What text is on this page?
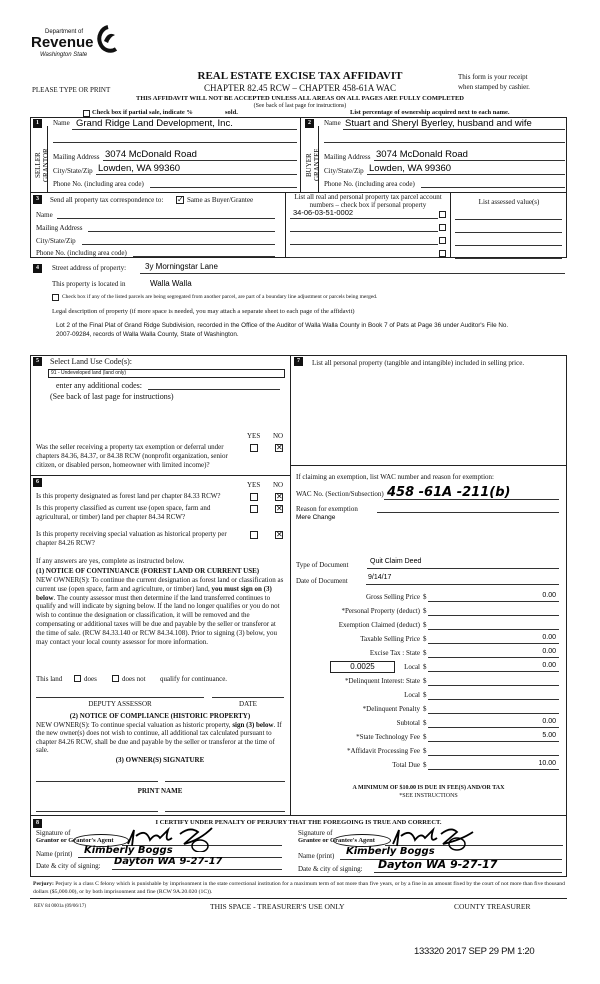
Department of
Revenue
Washington State
REAL ESTATE EXCISE TAX AFFIDAVIT
CHAPTER 82.45 RCW – CHAPTER 458-61A WAC
PLEASE TYPE OR PRINT
This form is your receipt
when stamped by cashier.
THIS AFFIDAVIT WILL NOT BE ACCEPTED UNLESS ALL AREAS ON ALL PAGES ARE FULLY COMPLETED
(See back of last page for instructions)
Check box if partial sale, indicate %	sold.	List percentage of ownership acquired next to each name.
1	2
SELLER GRANTOR	BUYER GRANTEE
Name Grand Ridge Land Development, Inc.
Mailing Address 3074 McDonald Road
City/State/Zip Lowden, WA 99360
Phone No. (including area code)
Name Stuart and Sheryl Byerley, husband and wife
Mailing Address 3074 McDonald Road
City/State/Zip Lowden, WA 99360
Phone No. (including area code)
3	Send all property tax correspondence to: ✓ Same as Buyer/Grantee
Name
Mailing Address
City/State/Zip
Phone No. (including area code)
List all real and personal property tax parcel account numbers – check box if personal property
34-06-03-51-0002
List assessed value(s)
4	Street address of property: 3y Morningstar Lane
This property is located in	Walla Walla
Check box if any of the listed parcels are being segregated from another parcel, are part of a boundary line adjustment or parcels being merged.
Legal description of property (if more space is needed, you may attach a separate sheet to each page of the affidavit)
Lot 2 of the Final Plat of Grand Ridge Subdivision, recorded in the Office of the Auditor of Walla Walla County in Book 7 of Pats at Page 36 under Auditor's File No. 2007-09284, records of Walla Walla County, State of Washington.
5	Select Land Use Code(s):
91 - Undeveloped land (land only)
enter any additional codes:
(See back of last page for instructions)
YES NO
Was the seller receiving a property tax exemption or deferral under chapters 84.36, 84.37, or 84.38 RCW (nonprofit organization, senior citizen, or disabled person, homeowner with limited income)?
✕
6	YES NO
Is this property designated as forest land per chapter 84.33 RCW?	✕
Is this property classified as current use (open space, farm and agricultural, or timber) land per chapter 84.34 RCW?
✕
Is this property receiving special valuation as historical property per chapter 84.26 RCW?
✕
If any answers are yes, complete as instructed below.
(1) NOTICE OF CONTINUANCE (FOREST LAND OR CURRENT USE)
NEW OWNER(S): To continue the current designation as forest land or classification as current use (open space, farm and agriculture, or timber) land, you must sign on (3) below. The county assessor must then determine if the land transferred continues to qualify and will indicate by signing below. If the land no longer qualifies or you do not wish to continue the designation or classification, it will be removed and the compensating or additional taxes will be due and payable by the seller or transferor at the time of sale. (RCW 84.33.140 or RCW 84.34.108). Prior to signing (3) below, you may contact your local county assessor for more information.
This land	does	does not qualify for continuance.
DEPUTY ASSESSOR	DATE
(2) NOTICE OF COMPLIANCE (HISTORIC PROPERTY)
NEW OWNER(S): To continue special valuation as historic property, sign (3) below. If the new owner(s) does not wish to continue, all additional tax calculated pursuant to chapter 84.26 RCW, shall be due and payable by the seller or transferor at the time of sale.
(3) OWNER(S) SIGNATURE
PRINT NAME
7	List all personal property (tangible and intangible) included in selling price.
If claiming an exemption, list WAC number and reason for exemption:
WAC No. (Section/Subsection) 458 -61A -211(b)
Reason for exemption
Mere Change
Type of Document	Quit Claim Deed
Date of Document	9/14/17
0.0025
Gross Selling Price $	0.00
*Personal Property (deduct) $
Exemption Claimed (deduct) $
Taxable Selling Price $	0.00
Excise Tax : State $	0.00
Local $	0.00
*Delinquent Interest: State $
Local $
*Delinquent Penalty $
Subtotal $	0.00
*State Technology Fee $	5.00
*Affidavit Processing Fee $
Total Due $	10.00
A MINIMUM OF $10.00 IS DUE IN FEE(S) AND/OR TAX
*SEE INSTRUCTIONS
8	I CERTIFY UNDER PENALTY OF PERJURY THAT THE FOREGOING IS TRUE AND CORRECT.
Signature of
Grantor or Grantor's Agent
Name (print) Kimberly Boggs
Date & city of signing: Dayton WA 9-27-17
Signature of
Grantee or Grantee's Agent
Name (print) Kimberly Boggs
Date & city of signing: Dayton WA 9-27-17
Perjury: Perjury is a class C felony which is punishable by imprisonment in the state correctional institution for a maximum term of not more than five years, or by a fine in an amount fixed by the court of not more than five thousand dollars ($5,000.00), or by both imprisonment and fine (RCW 9A.20.020 (1C)).
REV 84 0001a (09/06/17)	THIS SPACE - TREASURER'S USE ONLY	COUNTY TREASURER
133320 2017 SEP 29 PM 1:20
